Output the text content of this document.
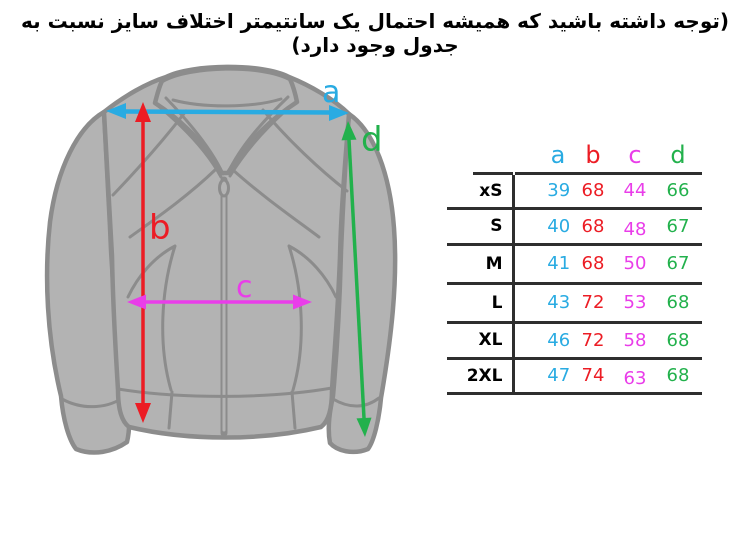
(توجه داشته باشید که همیشه احتمال یک سانتیمتر اختلاف سایز نسبت به جدول وجود دارد)
a
b
c
d
		a	b	c	d
xS	39	68	44	66
S	40	68	48	67
M	41	68	50	67
L	43	72	53	68
XL	46	72	58	68
2XL	47	74	63	68
